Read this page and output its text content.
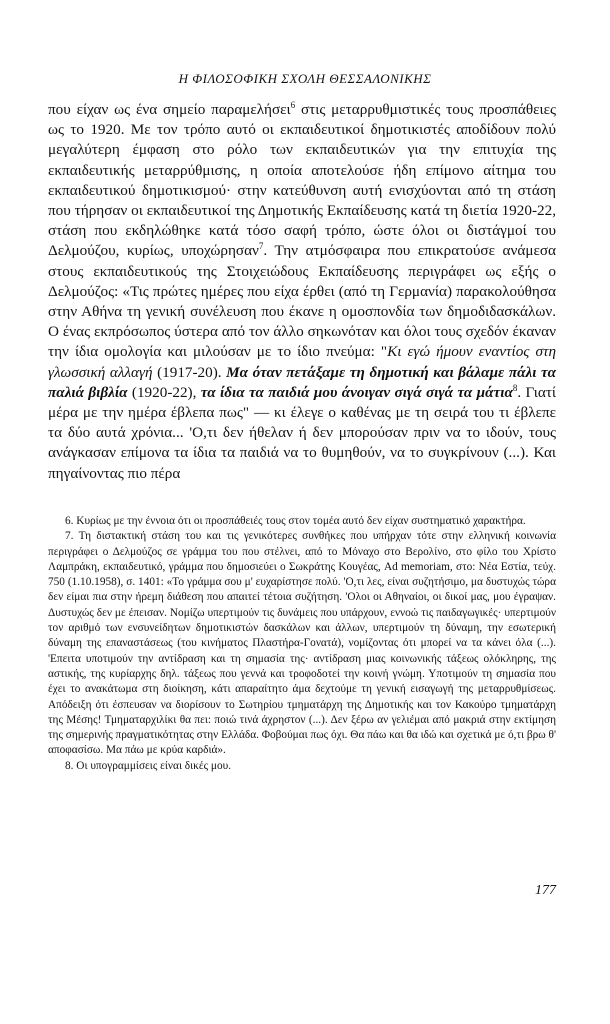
Η ΦΙΛΟΣΟΦΙΚΗ ΣΧΟΛΗ ΘΕΣΣΑΛΟΝΙΚΗΣ

που είχαν ως ένα σημείο παραμελήσει$^6$ στις μεταρρυθμιστικές τους προσπάθειες ως το 1920. Με τον τρόπο αυτό οι εκπαιδευτικοί δημοτικιστές αποδίδουν πολύ μεγαλύτερη έμφαση στο ρόλο των εκπαιδευτικών για την επιτυχία της εκπαιδευτικής μεταρρύθμισης, η οποία αποτελούσε ήδη επίμονο αίτημα του εκπαιδευτικού δημοτικισμού· στην κατεύθυνση αυτή ενισχύονται από τη στάση που τήρησαν οι εκπαιδευτικοί της Δημοτικής Εκπαίδευσης κατά τη διετία 1920-22, στάση που εκδηλώθηκε κατά τόσο σαφή τρόπο, ώστε όλοι οι διστάγμοί του Δελμούζου, κυρίως, υποχώρησαν$^7$. Την ατμόσφαιρα που επικρατούσε ανάμεσα στους εκπαιδευτικούς της Στοιχειώδους Εκπαίδευσης περιγράφει ως εξής ο Δελμούζος: «Τις πρώτες ημέρες που είχα έρθει (από τη Γερμανία) παρακολούθησα στην Αθήνα τη γενική συνέλευση που έκανε η ομοσπονδία των δημοδιδασκάλων. Ο ένας εκπρόσωπος ύστερα από τον άλλο σηκωνόταν και όλοι τους σχεδόν έκαναν την ίδια ομολογία και μιλούσαν με το ίδιο πνεύμα: "Κι εγώ ήμουν εναντίος στη γλωσσική αλλαγή (1917-20). Μα όταν πετάξαμε τη δημοτική και βάλαμε πάλι τα παλιά βιβλία (1920-22), τα ίδια τα παιδιά μου άνοιγαν σιγά σιγά τα μάτια$^8$. Γιατί μέρα με την ημέρα έβλεπα πως" — κι έλεγε ο καθένας με τη σειρά του τι έβλεπε τα δύο αυτά χρόνια... 'Ο,τι δεν ήθελαν ή δεν μπορούσαν πριν να το ιδούν, τους ανάγκασαν επίμονα τα ίδια τα παιδιά να το θυμηθούν, να το συγκρίνουν (...). Και πηγαίνοντας πιο πέρα

6. Κυρίως με την έννοια ότι οι προσπάθειές τους στον τομέα αυτό δεν είχαν συστηματικό χαρακτήρα.

7. Τη διστακτική στάση του και τις γενικότερες συνθήκες που υπήρχαν τότε στην ελληνική κοινωνία περιγράφει ο Δελμούζος σε γράμμα του που στέλνει, από το Μόναχο στο Βερολίνο, στο φίλο του Χρίστο Λαμπράκη, εκπαιδευτικό, γράμμα που δημοσιεύει ο Σωκράτης Κουγέας, Ad memoriam, στο: Νέα Εστία, τεύχ. 750 (1.10.1958), σ. 1401: «Το γράμμα σου μ' ευχαρίστησε πολύ. 'Ο,τι λες, είναι συζητήσιμο, μα δυστυχώς τώρα δεν είμαι πια στην ήρεμη διάθεση που απαιτεί τέτοια συζήτηση. 'Ολοι οι Αθηναίοι, οι δικοί μας, μου έγραψαν. Δυστυχώς δεν με έπεισαν. Νομίζω υπερτιμούν τις δυνάμεις που υπάρχουν, εννοώ τις παιδαγωγικές· υπερτιμούν τον αριθμό των ενσυνείδητων δημοτικιστών δασκάλων και άλλων, υπερτιμούν τη δύναμη, την εσωτερική δύναμη της επαναστάσεως (του κινήματος Πλαστήρα-Γονατά), νομίζοντας ότι μπορεί να τα κάνει όλα (...). 'Επειτα υποτιμούν την αντίδραση και τη σημασία της· αντίδραση μιας κοινωνικής τάξεως ολόκληρης, της αστικής, της κυρίαρχης δηλ. τάξεως που γεννά και τροφοδοτεί την κοινή γνώμη. Υποτιμούν τη σημασία που έχει το ανακάτωμα στη διοίκηση, κάτι απαραίτητο άμα δεχτούμε τη γενική εισαγωγή της μεταρρυθμίσεως. Απόδειξη ότι έσπευσαν να διορίσουν το Σωτηρίου τμηματάρχη της Δημοτικής και τον Κακούρο τμηματάρχη της Μέσης! Τμηματαρχιλίκι θα πει: ποιώ τινά άχρηστον (...). Δεν ξέρω αν γελιέμαι από μακριά στην εκτίμηση της σημερινής πραγματικότητας στην Ελλάδα. Φοβούμαι πως όχι. Θα πάω και θα ιδώ και σχετικά με ό,τι βρω θ' αποφασίσω. Μα πάω με κρύα καρδιά».

8. Οι υπογραμμίσεις είναι δικές μου.

177
